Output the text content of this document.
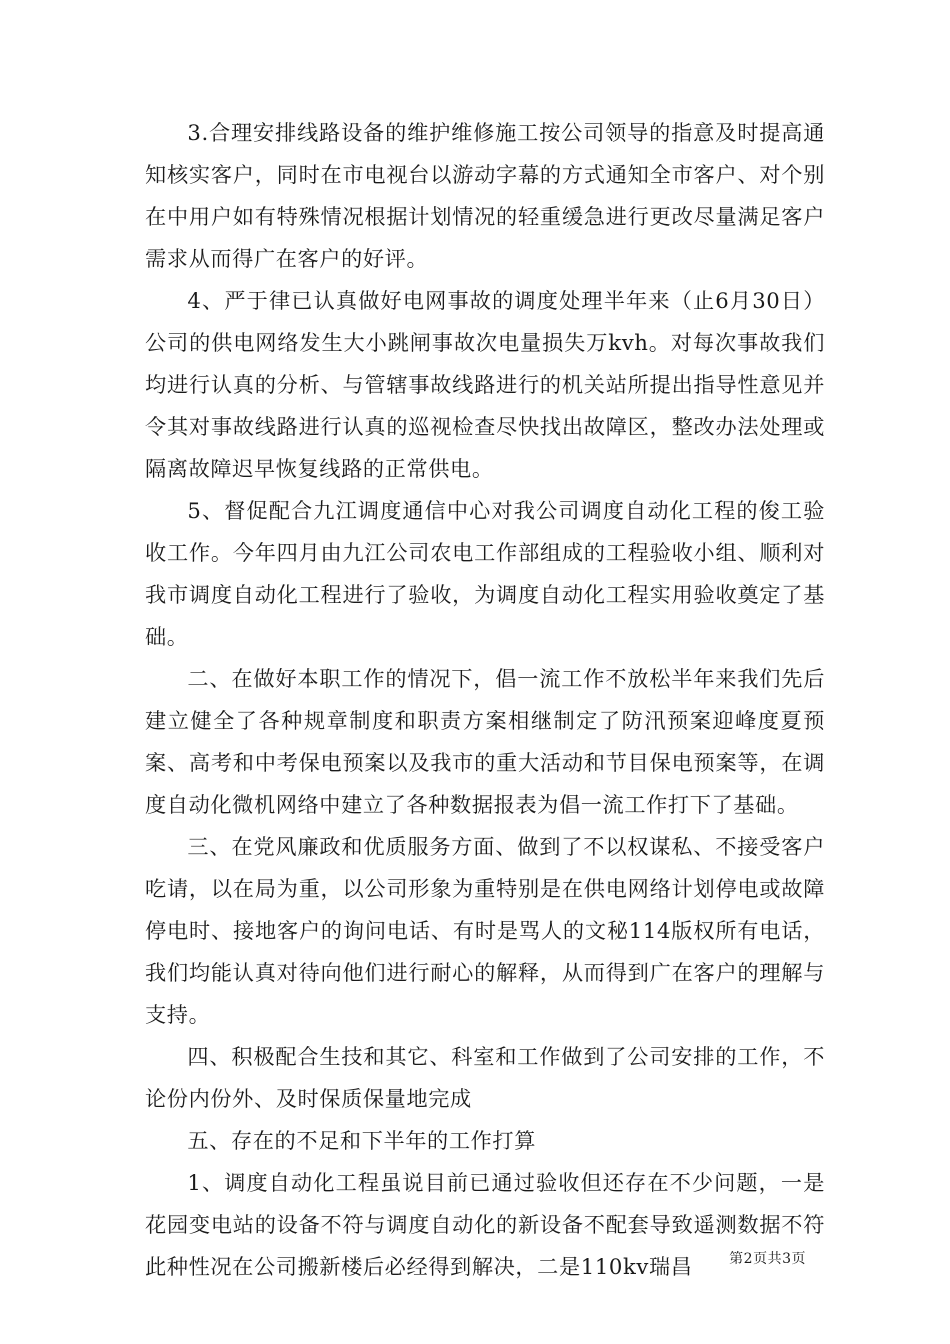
3.合理安排线路设备的维护维修施工按公司领导的指意及时提高通知核实客户，同时在市电视台以游动字幕的方式通知全市客户、对个别在中用户如有特殊情况根据计划情况的轻重缓急进行更改尽量满足客户需求从而得广在客户的好评。

4、严于律已认真做好电网事故的调度处理半年来（止6月30日）公司的供电网络发生大小跳闸事故次电量损失万kvh。对每次事故我们均进行认真的分析、与管辖事故线路进行的机关站所提出指导性意见并令其对事故线路进行认真的巡视检查尽快找出故障区，整改办法处理或隔离故障迟早恢复线路的正常供电。

5、督促配合九江调度通信中心对我公司调度自动化工程的俊工验收工作。今年四月由九江公司农电工作部组成的工程验收小组、顺利对我市调度自动化工程进行了验收，为调度自动化工程实用验收奠定了基础。

二、在做好本职工作的情况下，倡一流工作不放松半年来我们先后建立健全了各种规章制度和职责方案相继制定了防汛预案迎峰度夏预案、高考和中考保电预案以及我市的重大活动和节目保电预案等，在调度自动化微机网络中建立了各种数据报表为倡一流工作打下了基础。

三、在党风廉政和优质服务方面、做到了不以权谋私、不接受客户吃请，以在局为重，以公司形象为重特别是在供电网络计划停电或故障停电时、接地客户的询问电话、有时是骂人的文秘114版权所有电话，我们均能认真对待向他们进行耐心的解释，从而得到广在客户的理解与支持。

四、积极配合生技和其它、科室和工作做到了公司安排的工作，不论份内份外、及时保质保量地完成

五、存在的不足和下半年的工作打算

1、调度自动化工程虽说目前已通过验收但还存在不少问题，一是花园变电站的设备不符与调度自动化的新设备不配套导致遥测数据不符此种性况在公司搬新楼后必经得到解决，二是110kv瑞昌	第2页共3页
